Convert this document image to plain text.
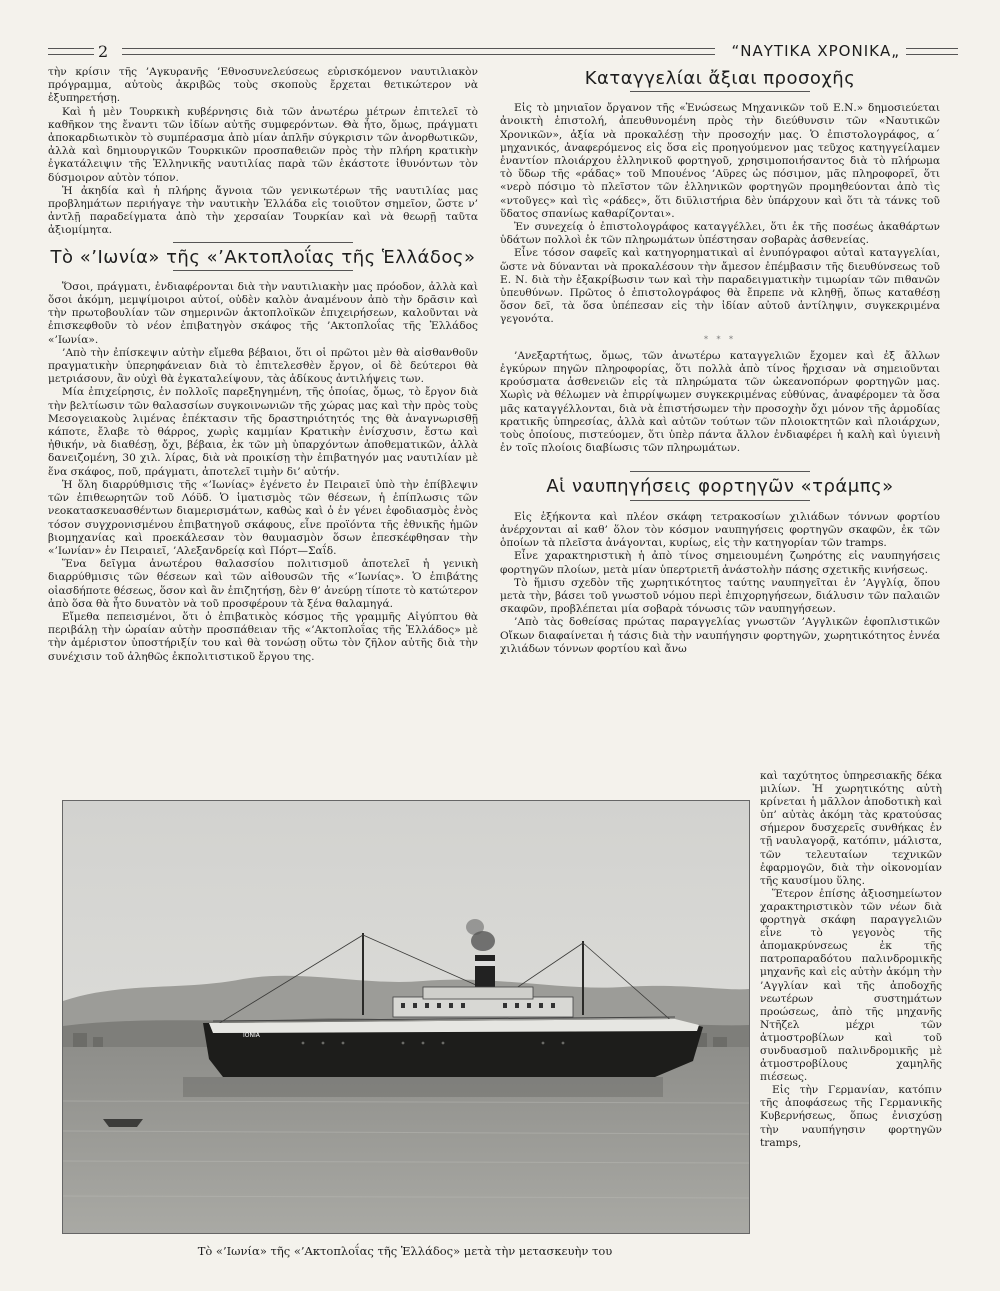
2	“ΝΑΥΤΙΚΑ ΧΡΟΝΙΚΑ„

τὴν κρίσιν τῆς ’Αγκυρανῆς ’Εθνοσυνελεύσεως εὑρισκόμενον ναυτιλιακὸν πρόγραμμα, αὐτοὺς ἀκριβῶς τοὺς σκοποὺς ἔρχεται θετικώτερον νὰ ἐξυπηρετήσῃ.

Καὶ ἡ μὲν Τουρκικὴ κυβέρνησις διὰ τῶν ἀνωτέρω μέτρων ἐπιτελεῖ τὸ καθῆκον της ἔναντι τῶν ἰδίων αὐτῆς συμφερόντων. Θὰ ἦτο, ὅμως, πράγματι ἀποκαρδιωτικὸν τὸ συμπέρασμα ἀπὸ μίαν ἁπλῆν σύγκρισιν τῶν ἀνορθωτικῶν, ἀλλὰ καὶ δημιουργικῶν Τουρκικῶν προσπαθειῶν πρὸς τὴν πλήρη κρατικὴν ἐγκατάλειψιν τῆς Ἑλληνικῆς ναυτιλίας παρὰ τῶν ἑκάστοτε ἰθυνόντων τὸν δύσμοιρον αὐτὸν τόπον.

Ἡ ἀκηδία καὶ ἡ πλήρης ἄγνοια τῶν γενικωτέρων τῆς ναυτιλίας μας προβλημάτων περιήγαγε τὴν ναυτικὴν Ἑλλάδα εἰς τοιοῦτον σημεῖον, ὥστε ν’ ἀντλῇ παραδείγματα ἀπὸ τὴν χερσαίαν Τουρκίαν καὶ νὰ θεωρῇ ταῦτα ἀξιομίμητα.

Τὸ «’Ιωνία» τῆς «’Ακτοπλοΐας τῆς Ἑλλάδος»

Ὅσοι, πράγματι, ἐνδιαφέρονται διὰ τὴν ναυτιλιακὴν μας πρόοδον, ἀλλὰ καὶ ὅσοι ἀκόμη, μεμψίμοιροι αὐτοί, οὐδὲν καλὸν ἀναμένουν ἀπὸ τὴν δρᾶσιν καὶ τὴν πρωτοβουλίαν τῶν σημερινῶν ἀκτοπλοϊκῶν ἐπιχειρήσεων, καλοῦνται νὰ ἐπισκεφθοῦν τὸ νέον ἐπιβατηγὸν σκάφος τῆς ’Ακτοπλοΐας τῆς Ἑλλάδος «’Ιωνία».

’Απὸ τὴν ἐπίσκεψιν αὐτὴν εἴμεθα βέβαιοι, ὅτι οἱ πρῶτοι μὲν θὰ αἰσθανθοῦν πραγματικὴν ὑπερηφάνειαν διὰ τὸ ἐπιτελεσθὲν ἔργον, οἱ δὲ δεύτεροι θὰ μετριάσουν, ἂν οὐχὶ θὰ ἐγκαταλείψουν, τὰς ἀδίκους ἀντιλήψεις των.

Μία ἐπιχείρησις, ἐν πολλοῖς παρεξηγημένη, τῆς ὁποίας, ὅμως, τὸ ἔργον διὰ τὴν βελτίωσιν τῶν θαλασσίων συγκοινωνιῶν τῆς χώρας μας καὶ τὴν πρὸς τοὺς Μεσογειακοὺς λιμένας ἐπέκτασιν τῆς δραστηριότητός της θὰ ἀναγνωρισθῇ κάποτε, ἔλαβε τὸ θάρρος, χωρὶς καμμίαν Κρατικὴν ἐνίσχυσιν, ἔστω καὶ ἠθικήν, νὰ διαθέσῃ, ὄχι, βέβαια, ἐκ τῶν μὴ ὑπαρχόντων ἀποθεματικῶν, ἀλλὰ δανειζομένη, 30 χιλ. λίρας, διὰ νὰ προικίσῃ τὴν ἐπιβατηγόν μας ναυτιλίαν μὲ ἕνα σκάφος, ποῦ, πράγματι, ἀποτελεῖ τιμὴν δι’ αὐτήν.

Ἡ ὅλη διαρρύθμισις τῆς «’Ιωνίας» ἐγένετο ἐν Πειραιεῖ ὑπὸ τὴν ἐπίβλεψιν τῶν ἐπιθεωρητῶν τοῦ Λόϋδ. Ὁ ἱματισμὸς τῶν θέσεων, ἡ ἐπίπλωσις τῶν νεοκατασκευασθέντων διαμερισμάτων, καθὼς καὶ ὁ ἐν γένει ἐφοδιασμὸς ἑνὸς τόσον συγχρονισμένου ἐπιβατηγοῦ σκάφους, εἶνε προϊόντα τῆς ἐθνικῆς ἡμῶν βιομηχανίας καὶ προεκάλεσαν τὸν θαυμασμὸν ὅσων ἐπεσκέφθησαν τὴν «’Ιωνίαν» ἐν Πειραιεῖ, ’Αλεξανδρείᾳ καὶ Πόρτ—Σαΐδ.

Ἕνα δεῖγμα ἀνωτέρου θαλασσίου πολιτισμοῦ ἀποτελεῖ ἡ γενικὴ διαρρύθμισις τῶν θέσεων καὶ τῶν αἰθουσῶν τῆς «’Ιωνίας». Ὁ ἐπιβάτης οἱασδήποτε θέσεως, ὅσον καὶ ἂν ἐπιζητήσῃ, δὲν θ’ ἀνεύρῃ τίποτε τὸ κατώτερον ἀπὸ ὅσα θὰ ἦτο δυνατὸν νὰ τοῦ προσφέρουν τὰ ξένα θαλαμηγά.

Εἴμεθα πεπεισμένοι, ὅτι ὁ ἐπιβατικὸς κόσμος τῆς γραμμῆς Αἰγύπτου θὰ περιβάλῃ τὴν ὡραίαν αὐτὴν προσπάθειαν τῆς «’Ακτοπλοΐας τῆς Ἑλλάδος» μὲ τὴν ἀμέριστον ὑποστήριξίν του καὶ θὰ τονώσῃ οὕτω τὸν ζῆλον αὐτῆς διὰ τὴν συνέχισιν τοῦ ἀληθῶς ἐκπολιτιστικοῦ ἔργου της.

Καταγγελίαι ἄξιαι προσοχῆς

Εἰς τὸ μηνιαῖον ὄργανον τῆς «Ἑνώσεως Μηχανικῶν τοῦ Ε.Ν.» δημοσιεύεται ἀνοικτὴ ἐπιστολή, ἀπευθυνομένη πρὸς τὴν διεύθυνσιν τῶν «Ναυτικῶν Χρονικῶν», ἀξία νὰ προκαλέσῃ τὴν προσοχήν μας. Ὁ ἐπιστολογράφος, α΄ μηχανικός, ἀναφερόμενος εἰς ὅσα εἰς προηγούμενον μας τεῦχος κατηγγείλαμεν ἐναντίον πλοιάρχου ἑλληνικοῦ φορτηγοῦ, χρησιμοποιήσαντος διὰ τὸ πλήρωμα τὸ ὕδωρ τῆς «ράδας» τοῦ Μπουένος ’Αϋρες ὡς πόσιμον, μᾶς πληροφορεῖ, ὅτι «νερὸ πόσιμο τὸ πλεῖστον τῶν ἑλληνικῶν φορτηγῶν προμηθεύονται ἀπὸ τὶς «ντοῦγες» καὶ τὶς «ράδες», ὅτι διϋλιστήρια δὲν ὑπάρχουν καὶ ὅτι τὰ τάνκς τοῦ ὕδατος σπανίως καθαρίζονται».

Ἐν συνεχείᾳ ὁ ἐπιστολογράφος καταγγέλλει, ὅτι ἐκ τῆς ποσέως ἀκαθάρτων ὑδάτων πολλοὶ ἐκ τῶν πληρωμάτων ὑπέστησαν σοβαρὰς ἀσθενείας.

Εἶνε τόσον σαφεῖς καὶ κατηγορηματικαὶ αἱ ἐνυπόγραφοι αὐταὶ καταγγελίαι, ὥστε νὰ δύνανται νὰ προκαλέσουν τὴν ἄμεσον ἐπέμβασιν τῆς διευθύνσεως τοῦ Ε. Ν. διὰ τὴν ἐξακρίβωσιν των καὶ τὴν παραδειγματικὴν τιμωρίαν τῶν πιθανῶν ὑπευθύνων. Πρῶτος ὁ ἐπιστολογράφος θὰ ἔπρεπε νὰ κληθῇ, ὅπως καταθέσῃ ὅσον δεῖ, τὰ ὅσα ὑπέπεσαν εἰς τὴν ἰδίαν αὐτοῦ ἀντίληψιν, συγκεκριμένα γεγονότα.

* * *

’Ανεξαρτήτως, ὅμως, τῶν ἀνωτέρω καταγγελιῶν ἔχομεν καὶ ἐξ ἄλλων ἐγκύρων πηγῶν πληροφορίας, ὅτι πολλὰ ἀπὸ τίνος ἤρχισαν νὰ σημειοῦνται κρούσματα ἀσθενειῶν εἰς τὰ πληρώματα τῶν ὠκεανοπόρων φορτηγῶν μας. Χωρὶς νὰ θέλωμεν νὰ ἐπιρρίψωμεν συγκεκριμένας εὐθύνας, ἀναφέρομεν τὰ ὅσα μᾶς καταγγέλλονται, διὰ νὰ ἐπιστήσωμεν τὴν προσοχὴν ὄχι μόνον τῆς ἁρμοδίας κρατικῆς ὑπηρεσίας, ἀλλὰ καὶ αὐτῶν τούτων τῶν πλοιοκτητῶν καὶ πλοιάρχων, τοὺς ὁποίους, πιστεύομεν, ὅτι ὑπὲρ πάντα ἄλλον ἐνδιαφέρει ἡ καλὴ καὶ ὑγιεινὴ ἐν τοῖς πλοίοις διαβίωσις τῶν πληρωμάτων.

Αἱ ναυπηγήσεις φορτηγῶν «τράμπς»

Εἰς ἑξήκοντα καὶ πλέον σκάφη τετρακοσίων χιλιάδων τόννων φορτίου ἀνέρχονται αἱ καθ’ ὅλον τὸν κόσμον ναυπηγήσεις φορτηγῶν σκαφῶν, ἐκ τῶν ὁποίων τὰ πλεῖστα ἀνάγονται, κυρίως, εἰς τὴν κατηγορίαν τῶν tramps.

Εἶνε χαρακτηριστικὴ ἡ ἀπὸ τίνος σημειουμένη ζωηρότης εἰς ναυπηγήσεις φορτηγῶν πλοίων, μετὰ μίαν ὑπερτριετῆ ἀνάστολὴν πάσης σχετικῆς κινήσεως.

Τὸ ἥμισυ σχεδὸν τῆς χωρητικότητος ταύτης ναυπηγεῖται ἐν ’Αγγλίᾳ, ὅπου μετὰ τὴν, βάσει τοῦ γνωστοῦ νόμου περὶ ἐπιχορηγήσεων, διάλυσιν τῶν παλαιῶν σκαφῶν, προβλέπεται μία σοβαρὰ τόνωσις τῶν ναυπηγήσεων.

’Απὸ τὰς δοθείσας πρώτας παραγγελίας γνωστῶν ’Αγγλικῶν ἐφοπλιστικῶν Οἴκων διαφαίνεται ἡ τάσις διὰ τὴν ναυπήγησιν φορτηγῶν, χωρητικότητος ἐννέα χιλιάδων τόννων φορτίου καὶ ἄνω

καὶ ταχύτητος ὑπηρεσιακῆς δέκα μιλίων. Ἡ χωρητικότης αὐτὴ κρίνεται ἡ μᾶλλον ἀποδοτικὴ καὶ ὑπ’ αὐτὰς ἀκόμη τὰς κρατούσας σήμερον δυσχερεῖς συνθήκας ἐν τῇ ναυλαγορᾷ, κατόπιν, μάλιστα, τῶν τελευταίων τεχνικῶν ἐφαρμογῶν, διὰ τὴν οἰκονομίαν τῆς καυσίμου ὕλης.

Ἕτερον ἐπίσης ἀξιοσημείωτον χαρακτηριστικὸν τῶν νέων διὰ φορτηγὰ σκάφη παραγγελιῶν εἶνε τὸ γεγονὸς τῆς ἀπομακρύνσεως ἐκ τῆς πατροπαραδότου παλινδρομικῆς μηχανῆς καὶ εἰς αὐτὴν ἀκόμη τὴν ’Αγγλίαν καὶ τῆς ἀποδοχῆς νεωτέρων συστημάτων προώσεως, ἀπὸ τῆς μηχανῆς Ντῆζελ μέχρι τῶν ἀτμοστροβίλων καὶ τοῦ συνδυασμοῦ παλινδρομικῆς μὲ ἀτμοστροβίλους χαμηλῆς πιέσεως.

Εἰς τὴν Γερμανίαν, κατόπιν τῆς ἀποφάσεως τῆς Γερμανικῆς Κυβερνήσεως, ὅπως ἐνισχύσῃ τὴν ναυπήγησιν φορτηγῶν tramps,

IONIA
Τὸ «’Ιωνία» τῆς «’Ακτοπλοΐας τῆς Ἑλλάδος» μετὰ τὴν μετασκευὴν του
